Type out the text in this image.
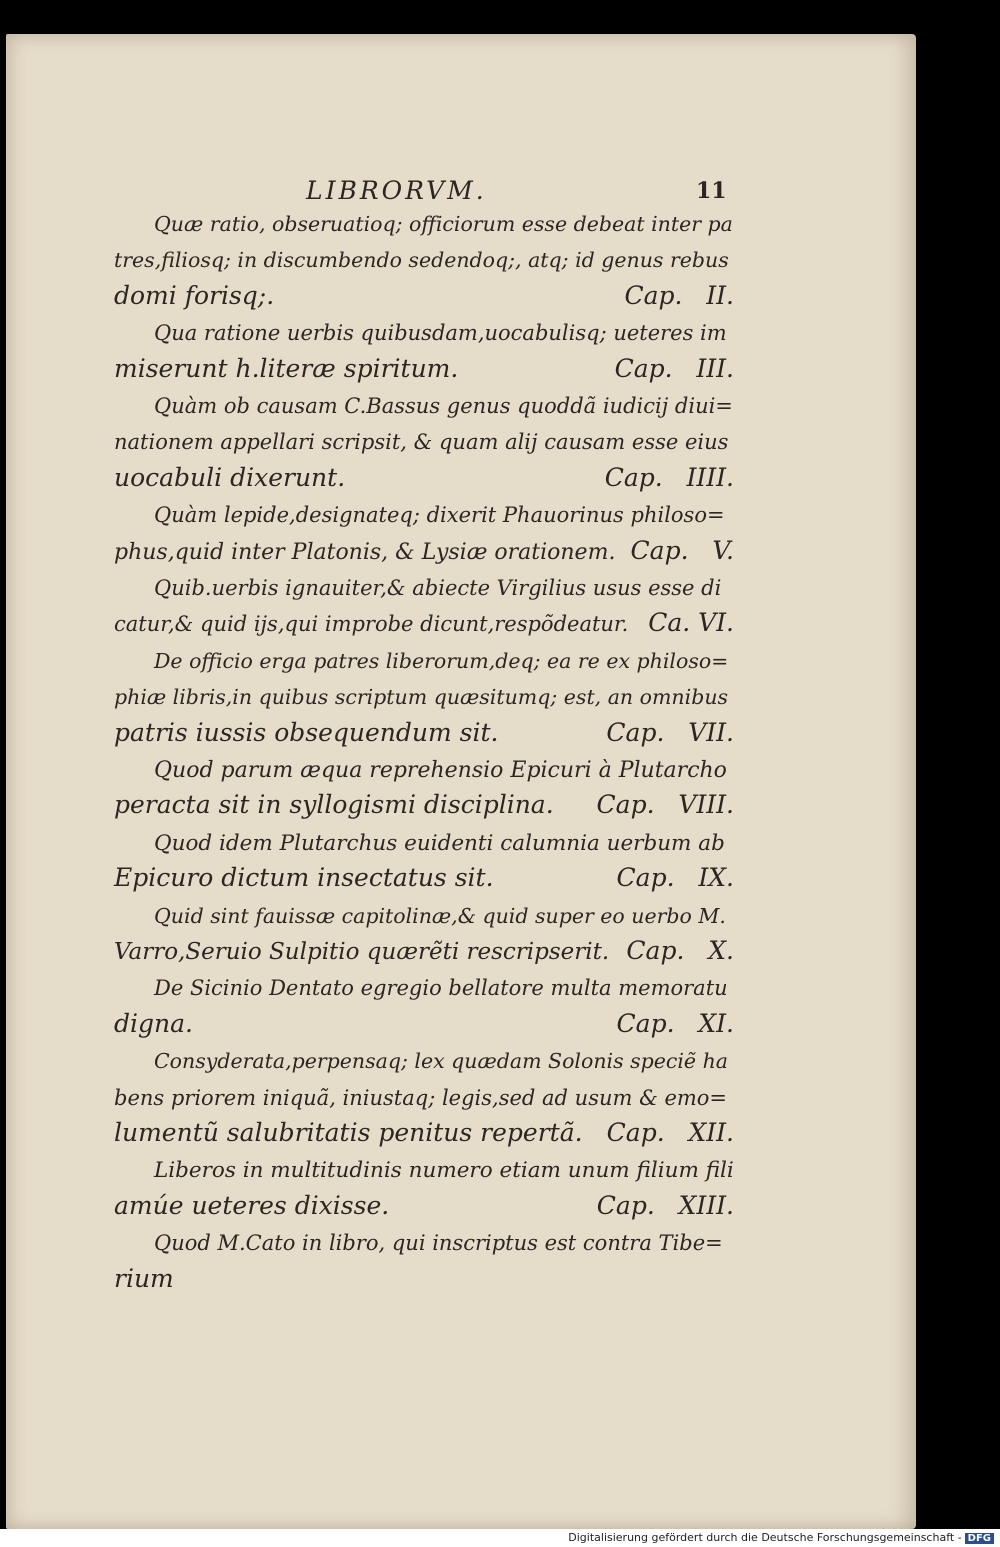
LIBRORVM.	11
Quæ ratio, obseruatioq; officiorum esse debeat inter pa
tres,filiosq; in discumbendo sedendoq;, atq; id genus rebus
domi forisq;.	Cap.   II.
Qua ratione uerbis quibusdam,uocabulisq; ueteres im
miserunt h.literæ spiritum.	Cap.   III.
Quàm ob causam C.Bassus genus quoddã iudicij diui=
nationem appellari scripsit, & quam alij causam esse eius
uocabuli dixerunt.	Cap.   IIII.
Quàm lepide,designateq; dixerit Phauorinus philoso=
phus,quid inter Platonis, & Lysiæ orationem. Cap.   V.
Quib.uerbis ignauiter,& abiecte Virgilius usus esse di
catur,& quid ijs,qui improbe dicunt,respõdeatur. Ca. VI.
De officio erga patres liberorum,deq; ea re ex philoso=
phiæ libris,in quibus scriptum quæsitumq; est, an omnibus
patris iussis obsequendum sit.	Cap.   VII.
Quod parum æqua reprehensio Epicuri à Plutarcho
peracta sit in syllogismi disciplina. Cap.   VIII.
Quod idem Plutarchus euidenti calumnia uerbum ab
Epicuro dictum insectatus sit.	Cap.   IX.
Quid sint fauissæ capitolinæ,& quid super eo uerbo M.
Varro,Seruio Sulpitio quærẽti rescripserit. Cap.   X.
De Sicinio Dentato egregio bellatore multa memoratu
digna.	Cap.   XI.
Consyderata,perpensaq; lex quædam Solonis speciẽ ha
bens priorem iniquã, iniustaq; legis,sed ad usum & emo=
lumentũ salubritatis penitus repertã. Cap.   XII.
Liberos in multitudinis numero etiam unum filium fili
amúe ueteres dixisse.	Cap.   XIII.
Quod M.Cato in libro, qui inscriptus est contra Tibe=
rium
Digitalisierung gefördert durch die Deutsche Forschungsgemeinschaft - DFG
